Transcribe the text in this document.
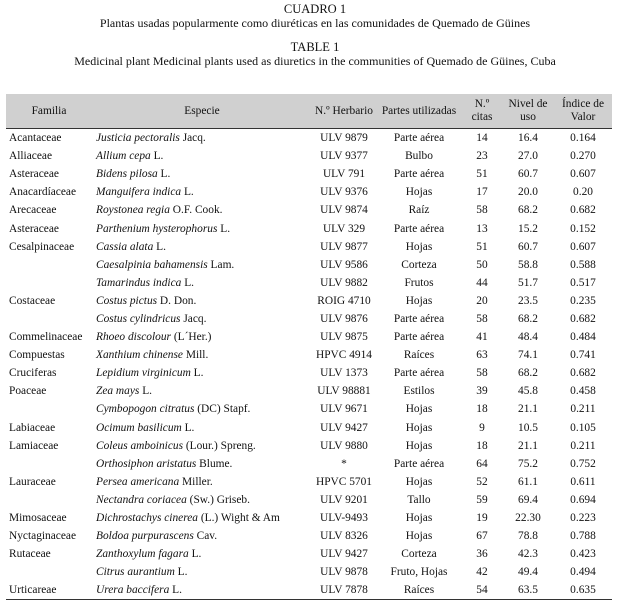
CUADRO 1
Plantas usadas popularmente como diuréticas en las comunidades de Quemado de Güines
TABLE 1
Medicinal plant Medicinal plants used as diuretics in the communities of Quemado de Güines, Cuba
Familia	Especie	N.º Herbario	Partes utilizadas	N.º citas	Nivel de uso	Índice de Valor
Acantaceae	Justicia pectoralis Jacq.	ULV 9879	Parte aérea	14	16.4	0.164
Alliaceae	Allium cepa L.	ULV 9377	Bulbo	23	27.0	0.270
Asteraceae	Bidens pilosa L.	ULV 791	Parte aérea	51	60.7	0.607
Anacardíaceae	Manguifera indica L.	ULV 9376	Hojas	17	20.0	0.20
Arecaceae	Roystonea regia O.F. Cook.	ULV 9874	Raíz	58	68.2	0.682
Asteraceae	Parthenium hysterophorus L.	ULV 329	Parte aérea	13	15.2	0.152
Cesalpinaceae	Cassia alata L.	ULV 9877	Hojas	51	60.7	0.607
	Caesalpinia bahamensis Lam.	ULV 9586	Corteza	50	58.8	0.588
	Tamarindus indica L.	ULV 9882	Frutos	44	51.7	0.517
Costaceae	Costus pictus D. Don.	ROIG 4710	Hojas	20	23.5	0.235
	Costus cylindricus Jacq.	ULV 9876	Parte aérea	58	68.2	0.682
Commelinaceae	Rhoeo discolour (L´Her.)	ULV 9875	Parte aérea	41	48.4	0.484
Compuestas	Xanthium chinense Mill.	HPVC 4914	Raíces	63	74.1	0.741
Cruciferas	Lepidium virginicum L.	ULV 1373	Parte aérea	58	68.2	0.682
Poaceae	Zea mays L.	ULV 98881	Estilos	39	45.8	0.458
	Cymbopogon citratus (DC) Stapf.	ULV 9671	Hojas	18	21.1	0.211
Labiaceae	Ocimum basilicum L.	ULV 9427	Hojas	9	10.5	0.105
Lamiaceae	Coleus amboinicus (Lour.) Spreng.	ULV 9880	Hojas	18	21.1	0.211
	Orthosiphon aristatus Blume.	*	Parte aérea	64	75.2	0.752
Lauraceae	Persea americana Miller.	HPVC 5701	Hojas	52	61.1	0.611
	Nectandra coriacea (Sw.) Griseb.	ULV 9201	Tallo	59	69.4	0.694
Mimosaceae	Dichrostachys cinerea (L.) Wight & Am	ULV-9493	Hojas	19	22.30	0.223
Nyctaginaceae	Boldoa purpurascens Cav.	ULV 8326	Hojas	67	78.8	0.788
Rutaceae	Zanthoxylum fagara L.	ULV 9427	Corteza	36	42.3	0.423
	Citrus aurantium L.	ULV 9878	Fruto, Hojas	42	49.4	0.494
Urticareae	Urera baccifera L.	ULV 7878	Raíces	54	63.5	0.635
